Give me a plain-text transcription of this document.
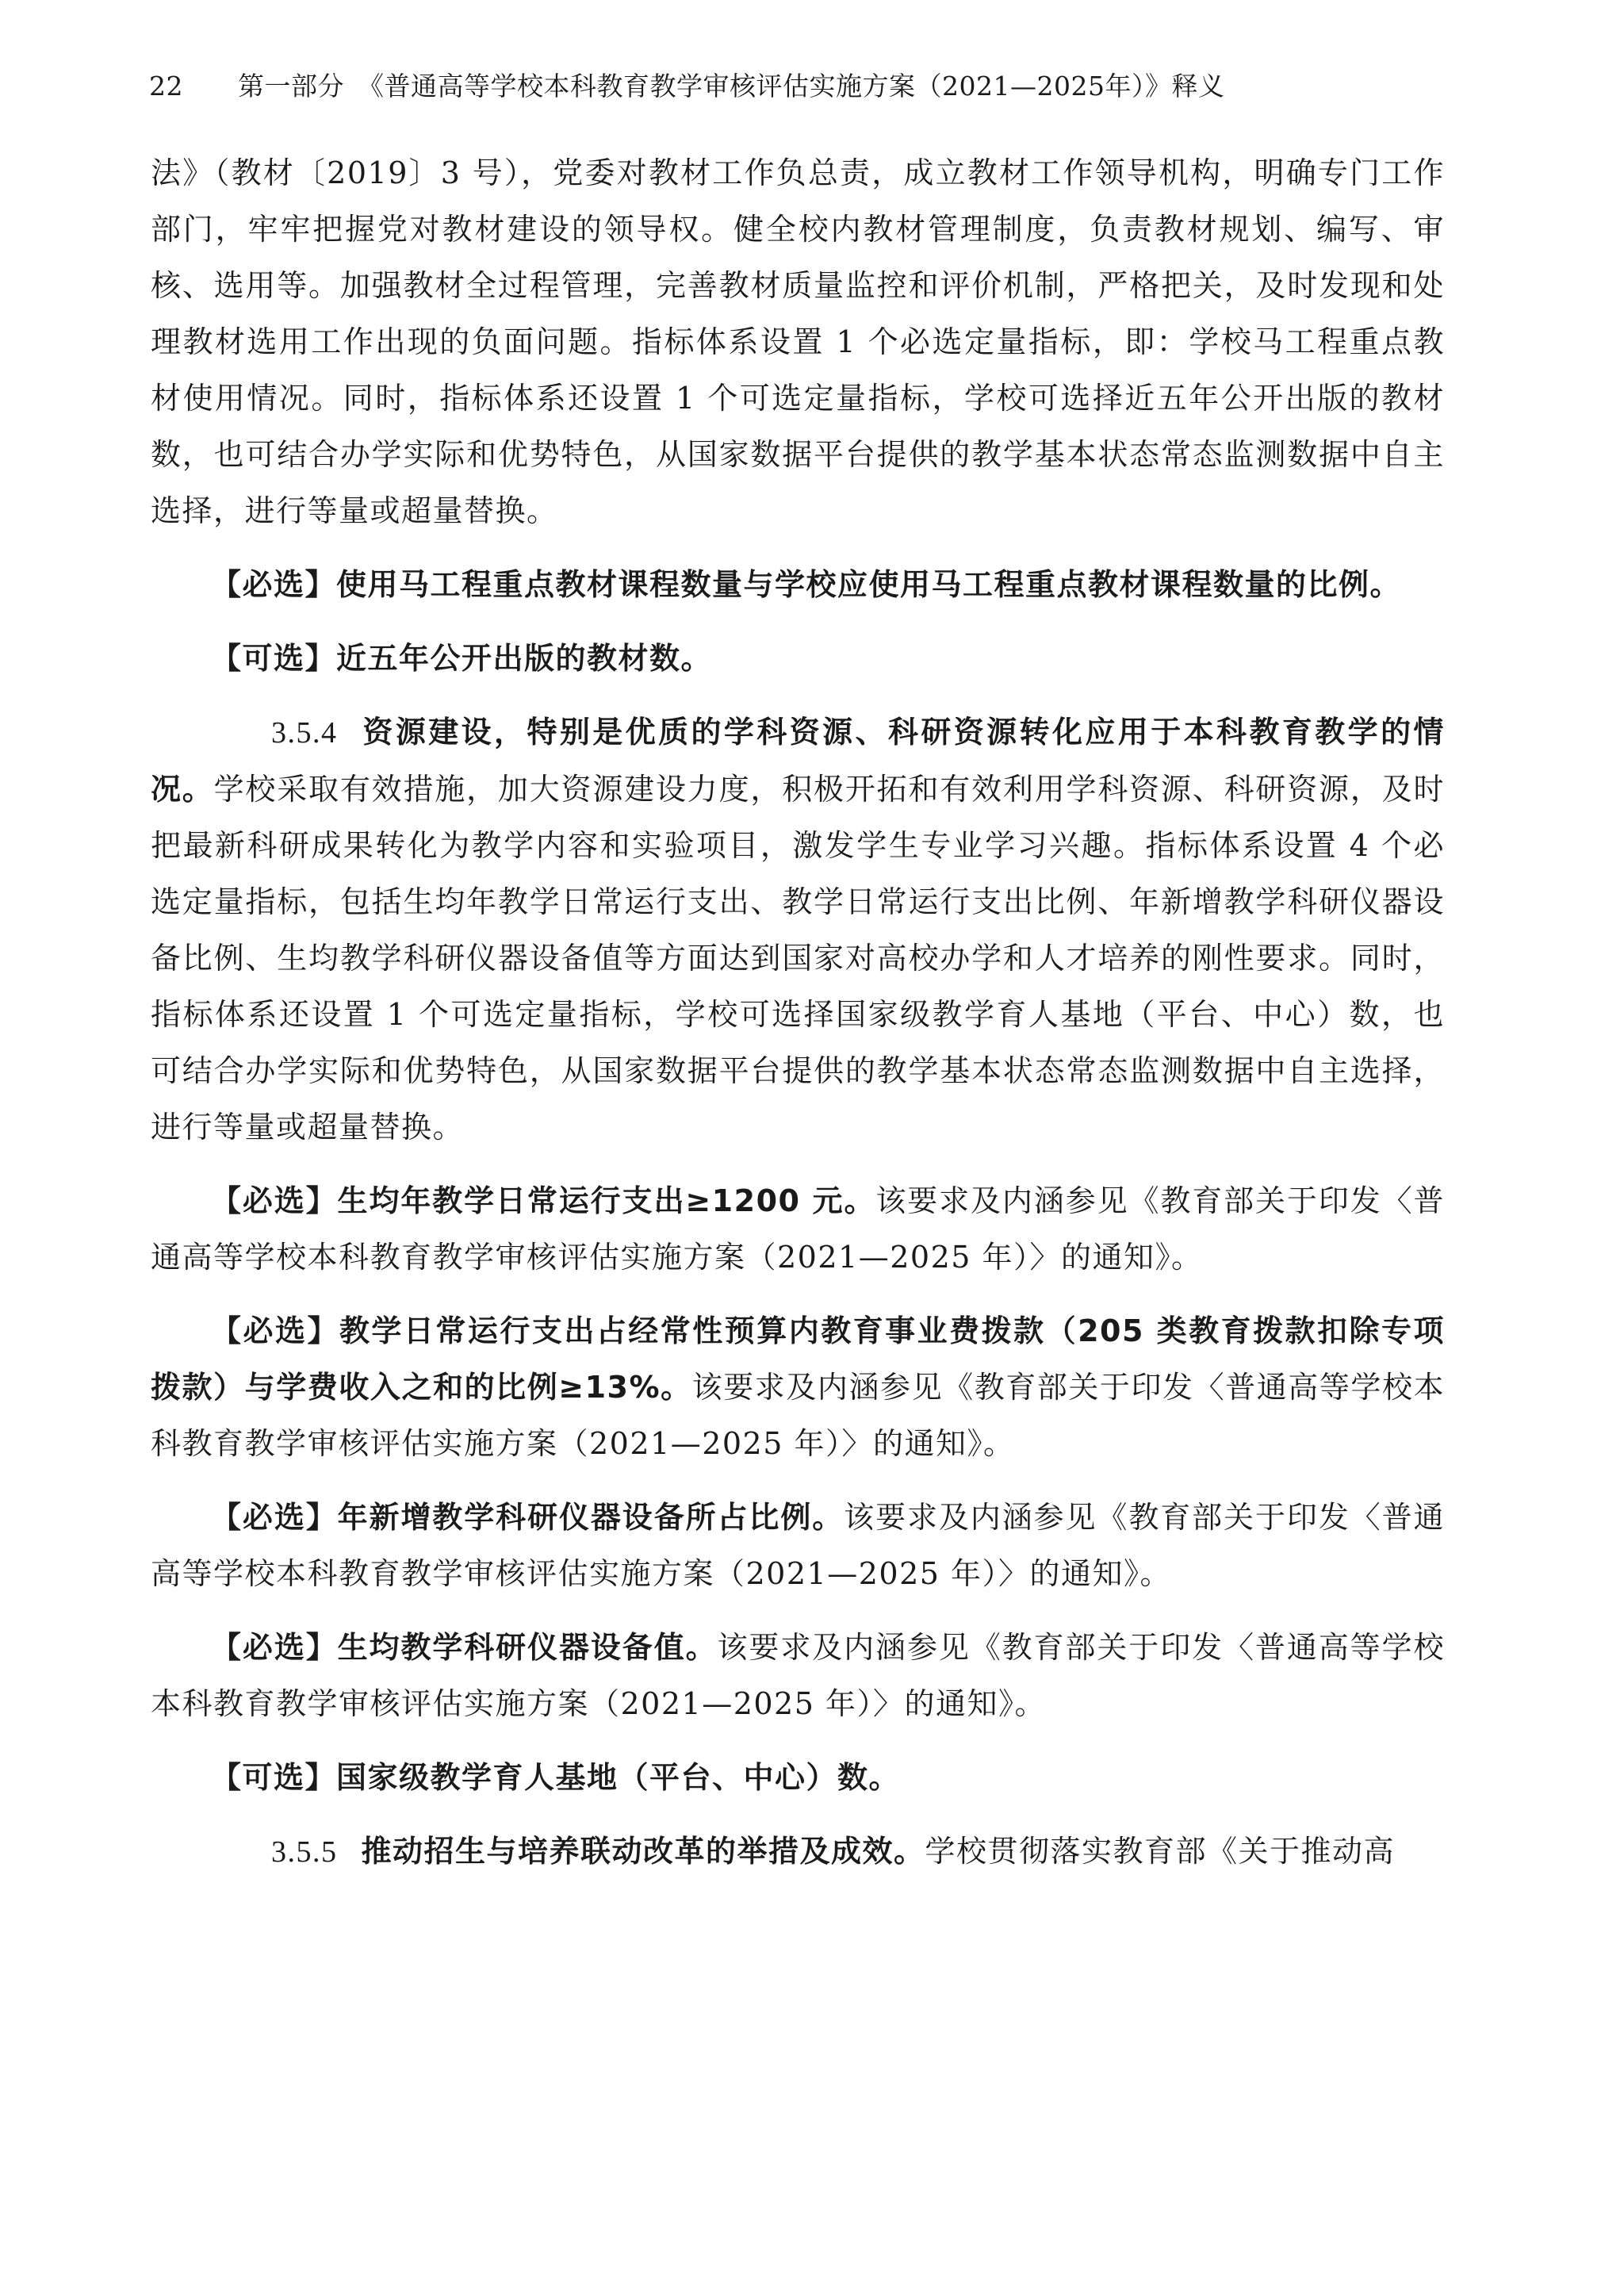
22 第一部分　《普通高等学校本科教育教学审核评估实施方案（2021—2025年）》释义

法》（教材〔2019〕3 号），党委对教材工作负总责，成立教材工作领导机构，明确专门工作部门，牢牢把握党对教材建设的领导权。健全校内教材管理制度，负责教材规划、编写、审核、选用等。加强教材全过程管理，完善教材质量监控和评价机制，严格把关，及时发现和处理教材选用工作出现的负面问题。指标体系设置 1 个必选定量指标，即：学校马工程重点教材使用情况。同时，指标体系还设置 1 个可选定量指标，学校可选择近五年公开出版的教材数，也可结合办学实际和优势特色，从国家数据平台提供的教学基本状态常态监测数据中自主选择，进行等量或超量替换。

【必选】使用马工程重点教材课程数量与学校应使用马工程重点教材课程数量的比例。

【可选】近五年公开出版的教材数。

3.5.4 资源建设，特别是优质的学科资源、科研资源转化应用于本科教育教学的情况。学校采取有效措施，加大资源建设力度，积极开拓和有效利用学科资源、科研资源，及时把最新科研成果转化为教学内容和实验项目，激发学生专业学习兴趣。指标体系设置 4 个必选定量指标，包括生均年教学日常运行支出、教学日常运行支出比例、年新增教学科研仪器设备比例、生均教学科研仪器设备值等方面达到国家对高校办学和人才培养的刚性要求。同时，指标体系还设置 1 个可选定量指标，学校可选择国家级教学育人基地（平台、中心）数，也可结合办学实际和优势特色，从国家数据平台提供的教学基本状态常态监测数据中自主选择，进行等量或超量替换。

【必选】生均年教学日常运行支出≥1200 元。该要求及内涵参见《教育部关于印发〈普通高等学校本科教育教学审核评估实施方案（2021—2025 年）〉的通知》。

【必选】教学日常运行支出占经常性预算内教育事业费拨款（205 类教育拨款扣除专项拨款）与学费收入之和的比例≥13%。该要求及内涵参见《教育部关于印发〈普通高等学校本科教育教学审核评估实施方案（2021—2025 年）〉的通知》。

【必选】年新增教学科研仪器设备所占比例。该要求及内涵参见《教育部关于印发〈普通高等学校本科教育教学审核评估实施方案（2021—2025 年）〉的通知》。

【必选】生均教学科研仪器设备值。该要求及内涵参见《教育部关于印发〈普通高等学校本科教育教学审核评估实施方案（2021—2025 年）〉的通知》。

【可选】国家级教学育人基地（平台、中心）数。

3.5.5 推动招生与培养联动改革的举措及成效。学校贯彻落实教育部《关于推动高
